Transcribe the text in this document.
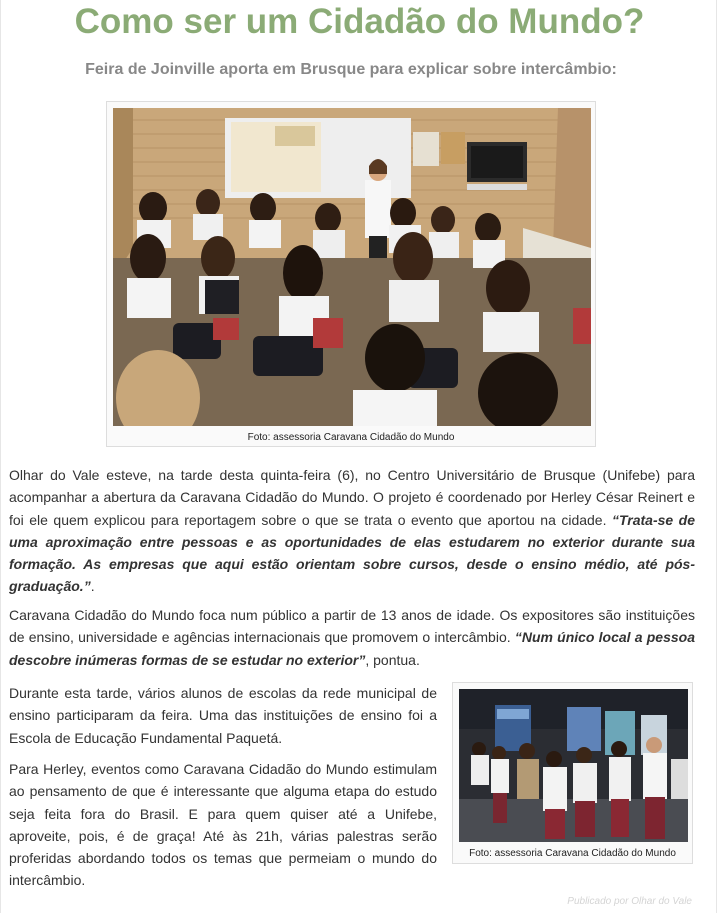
Como ser um Cidadão do Mundo?
Feira de Joinville aporta em Brusque para explicar sobre intercâmbio:
Foto: assessoria Caravana Cidadão do Mundo

Olhar do Vale esteve, na tarde desta quinta-feira (6), no Centro Universitário de Brusque (Unifebe) para acompanhar a abertura da Caravana Cidadão do Mundo. O projeto é coordenado por Herley César Reinert e foi ele quem explicou para reportagem sobre o que se trata o evento que aportou na cidade. “Trata-se de uma aproximação entre pessoas e as oportunidades de elas estudarem no exterior durante sua formação. As empresas que aqui estão orientam sobre cursos, desde o ensino médio, até pós-graduação.”.

Caravana Cidadão do Mundo foca num público a partir de 13 anos de idade. Os expositores são instituições de ensino, universidade e agências internacionais que promovem o intercâmbio. “Num único local a pessoa descobre inúmeras formas de se estudar no exterior”, pontua.

Durante esta tarde, vários alunos de escolas da rede municipal de ensino participaram da feira. Uma das instituições de ensino foi a Escola de Educação Fundamental Paquetá.

Para Herley, eventos como Caravana Cidadão do Mundo estimulam ao pensamento de que é interessante que alguma etapa do estudo seja feita fora do Brasil. E para quem quiser até a Unifebe, aproveite, pois, é de graça! Até às 21h, várias palestras serão proferidas abordando todos os temas que permeiam o mundo do intercâmbio.

Foto: assessoria Caravana Cidadão do Mundo
Publicado por Olhar do Vale
